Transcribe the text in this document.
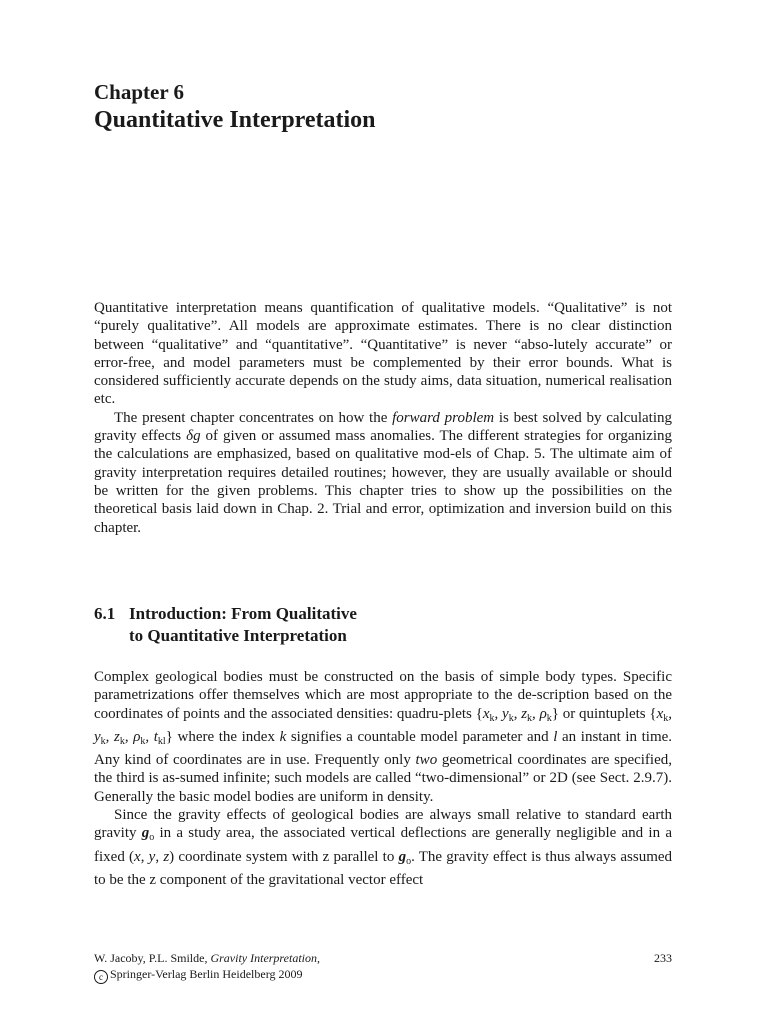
Chapter 6
Quantitative Interpretation

Quantitative interpretation means quantification of qualitative models. “Qualitative” is not “purely qualitative”. All models are approximate estimates. There is no clear distinction between “qualitative” and “quantitative”. “Quantitative” is never “abso-lutely accurate” or error-free, and model parameters must be complemented by their error bounds. What is considered sufficiently accurate depends on the study aims, data situation, numerical realisation etc.

The present chapter concentrates on how the forward problem is best solved by calculating gravity effects δg of given or assumed mass anomalies. The different strategies for organizing the calculations are emphasized, based on qualitative mod-els of Chap. 5. The ultimate aim of gravity interpretation requires detailed routines; however, they are usually available or should be written for the given problems. This chapter tries to show up the possibilities on the theoretical basis laid down in Chap. 2. Trial and error, optimization and inversion build on this chapter.

6.1 Introduction: From Qualitative
to Quantitative Interpretation

Complex geological bodies must be constructed on the basis of simple body types. Specific parametrizations offer themselves which are most appropriate to the de-scription based on the coordinates of points and the associated densities: quadru-plets {$x_k$, $y_k$, $z_k$, $\rho_k$} or quintuplets {$x_k$, $y_k$, $z_k$, $\rho_k$, $t_{kl}$} where the index k signifies a countable model parameter and l an instant in time. Any kind of coordinates are in use. Frequently only two geometrical coordinates are specified, the third is as-sumed infinite; such models are called “two-dimensional” or 2D (see Sect. 2.9.7). Generally the basic model bodies are uniform in density.

Since the gravity effects of geological bodies are always small relative to standard earth gravity $g_o$ in a study area, the associated vertical deflections are generally negligible and in a fixed (x, y, z) coordinate system with z parallel to $g_o$. The gravity effect is thus always assumed to be the z component of the gravitational vector effect

W. Jacoby, P.L. Smilde, Gravity Interpretation,
c Springer-Verlag Berlin Heidelberg 2009
233
